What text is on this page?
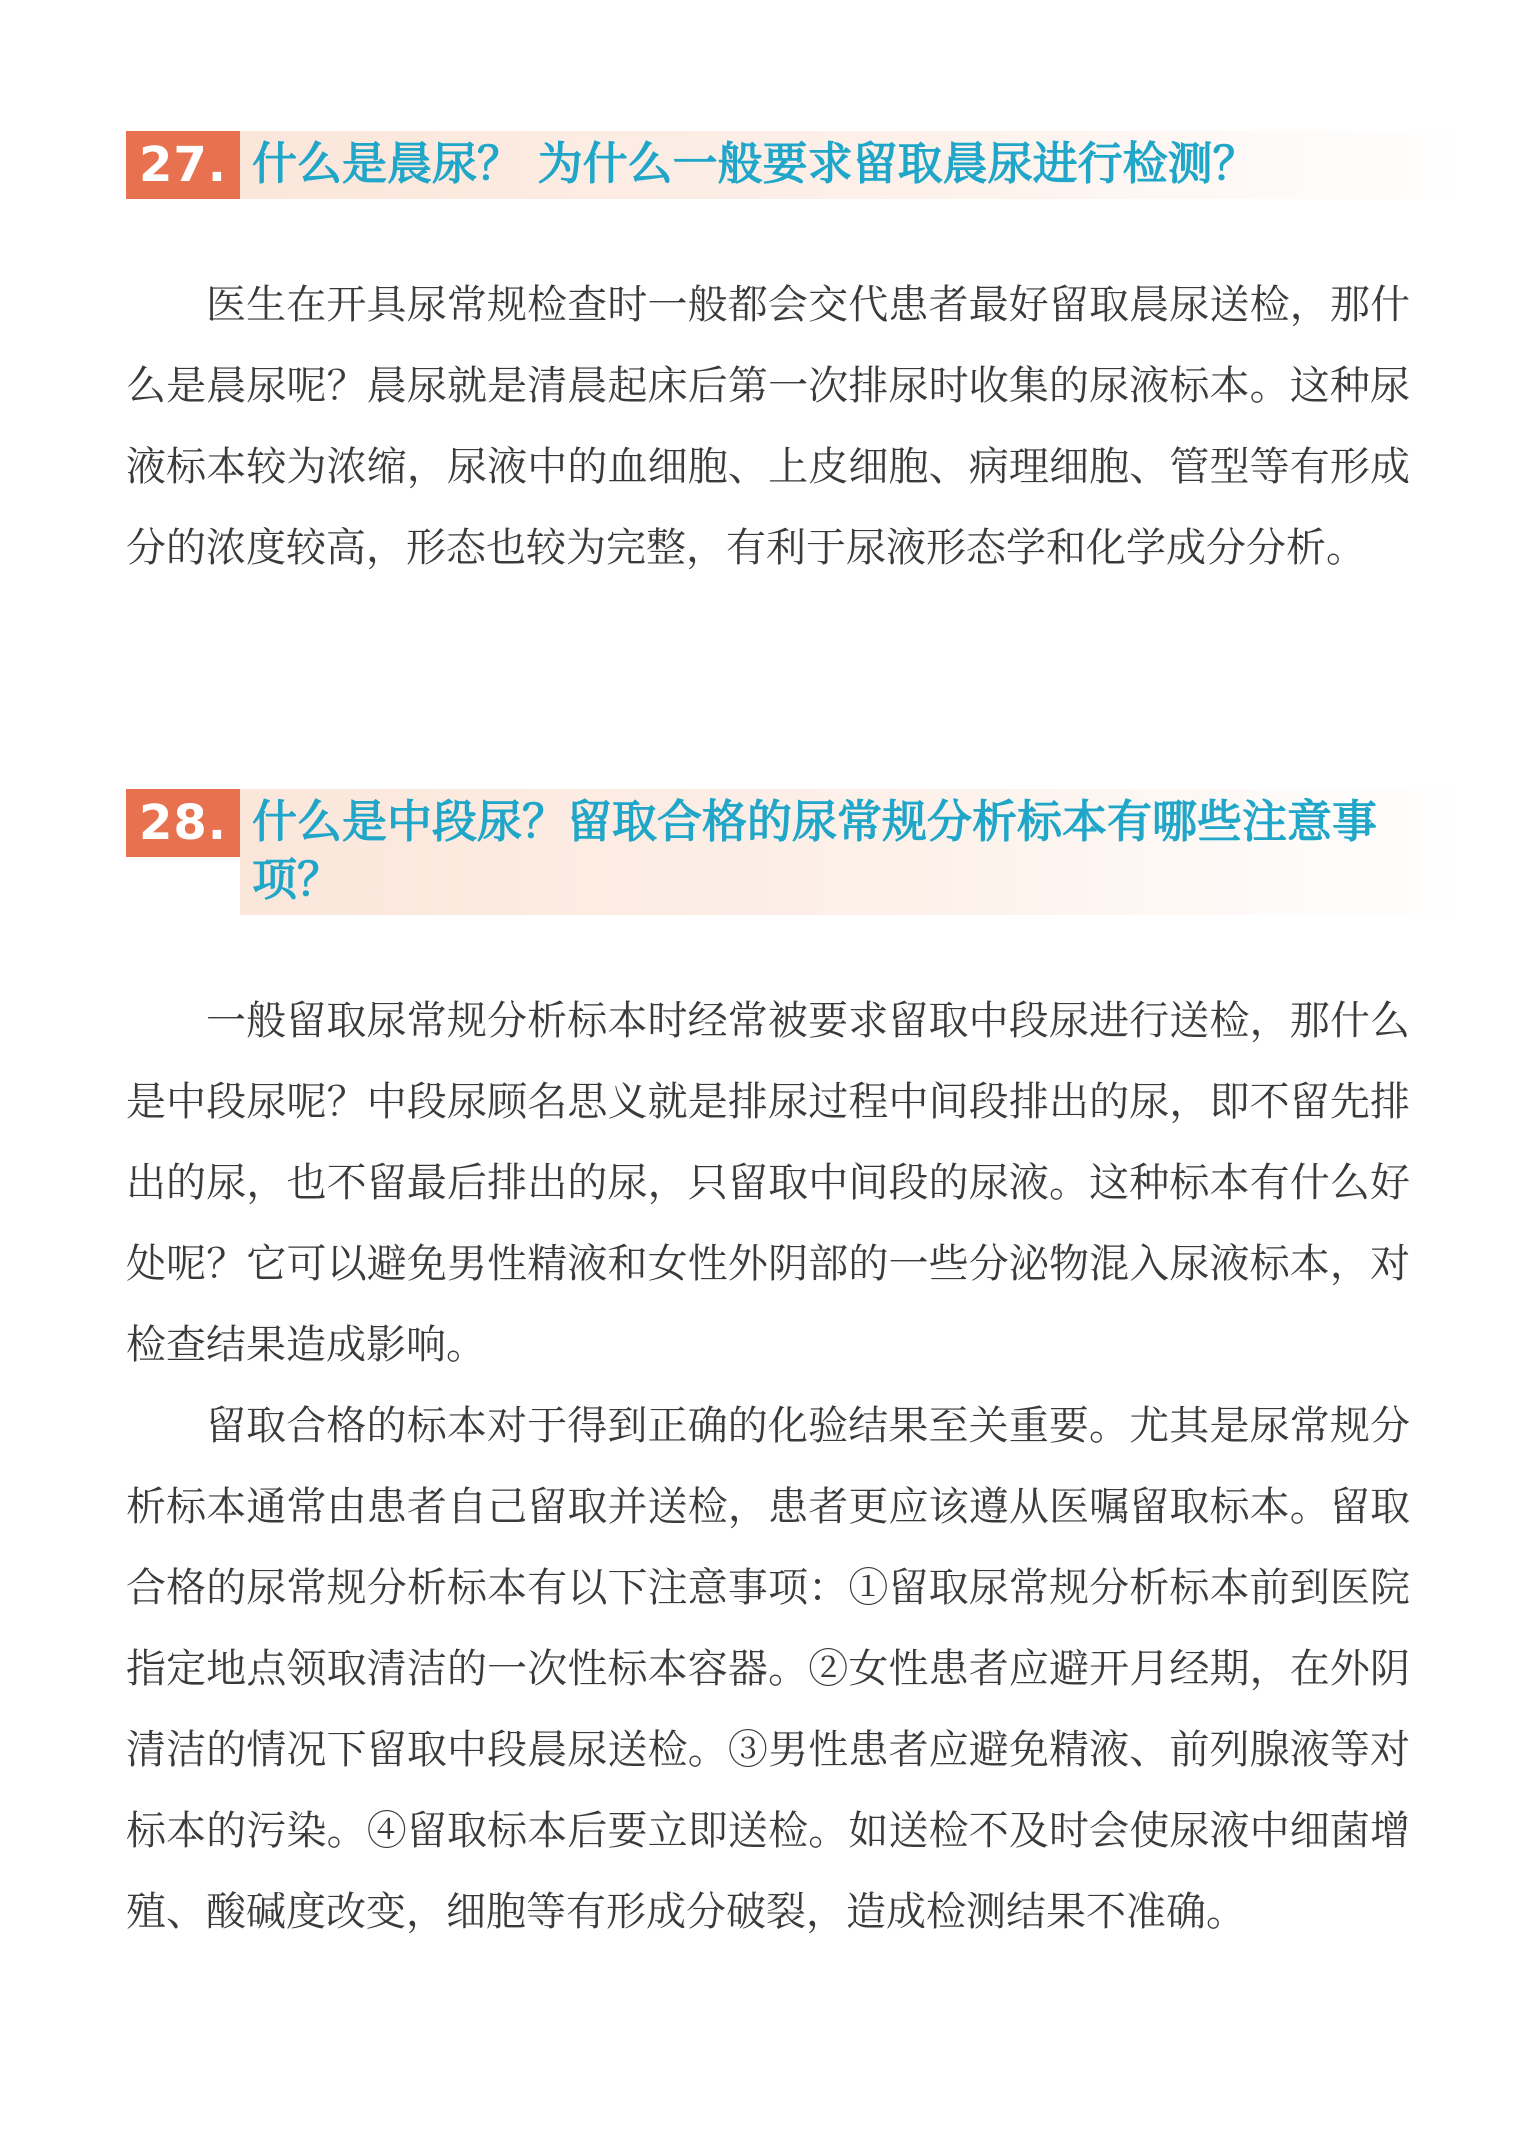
27. 什么是晨尿？ 为什么一般要求留取晨尿进行检测？

医生在开具尿常规检查时一般都会交代患者最好留取晨尿送检，那什么是晨尿呢？晨尿就是清晨起床后第一次排尿时收集的尿液标本。这种尿液标本较为浓缩，尿液中的血细胞、上皮细胞、病理细胞、管型等有形成分的浓度较高，形态也较为完整，有利于尿液形态学和化学成分分析。

28. 什么是中段尿？留取合格的尿常规分析标本有哪些注意事项？

一般留取尿常规分析标本时经常被要求留取中段尿进行送检，那什么是中段尿呢？中段尿顾名思义就是排尿过程中间段排出的尿，即不留先排出的尿，也不留最后排出的尿，只留取中间段的尿液。这种标本有什么好处呢？它可以避免男性精液和女性外阴部的一些分泌物混入尿液标本，对检查结果造成影响。

留取合格的标本对于得到正确的化验结果至关重要。尤其是尿常规分析标本通常由患者自己留取并送检，患者更应该遵从医嘱留取标本。留取合格的尿常规分析标本有以下注意事项：①留取尿常规分析标本前到医院指定地点领取清洁的一次性标本容器。②女性患者应避开月经期，在外阴清洁的情况下留取中段晨尿送检。③男性患者应避免精液、前列腺液等对标本的污染。④留取标本后要立即送检。如送检不及时会使尿液中细菌增殖、酸碱度改变，细胞等有形成分破裂，造成检测结果不准确。
